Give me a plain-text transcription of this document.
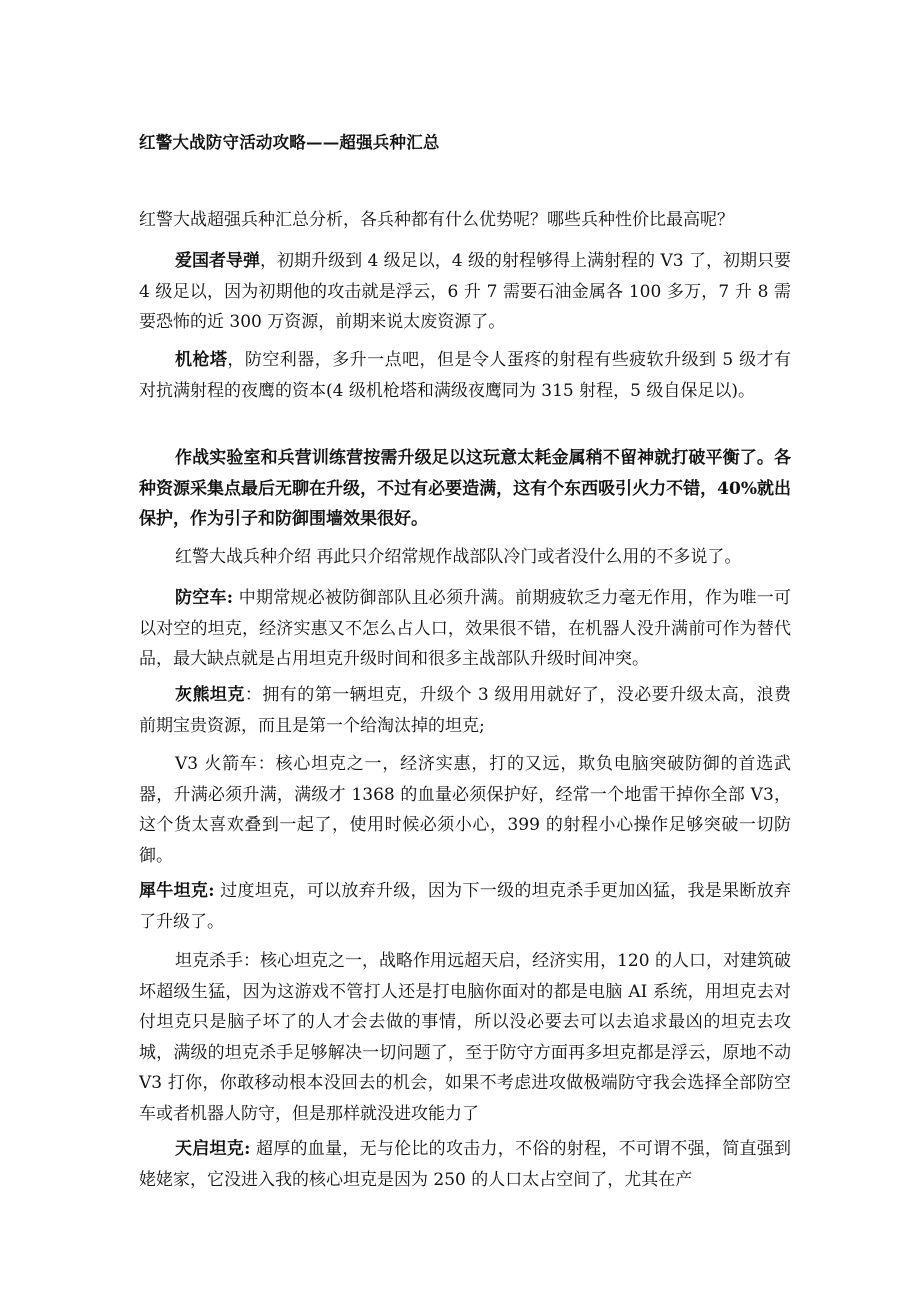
红警大战防守活动攻略——超强兵种汇总
红警大战超强兵种汇总分析，各兵种都有什么优势呢？哪些兵种性价比最高呢？
爱国者导弹，初期升级到 4 级足以，4 级的射程够得上满射程的 V3 了，初期只要 4 级足以，因为初期他的攻击就是浮云，6 升 7 需要石油金属各 100 多万，7 升 8 需要恐怖的近 300 万资源，前期来说太废资源了。
机枪塔，防空利器，多升一点吧，但是令人蛋疼的射程有些疲软升级到 5 级才有对抗满射程的夜鹰的资本(4 级机枪塔和满级夜鹰同为 315 射程，5 级自保足以)。
作战实验室和兵营训练营按需升级足以这玩意太耗金属稍不留神就打破平衡了。各种资源采集点最后无聊在升级，不过有必要造满，这有个东西吸引火力不错，40%就出保护，作为引子和防御围墙效果很好。
红警大战兵种介绍 再此只介绍常规作战部队冷门或者没什么用的不多说了。
防空车: 中期常规必被防御部队且必须升满。前期疲软乏力毫无作用，作为唯一可以对空的坦克，经济实惠又不怎么占人口，效果很不错，在机器人没升满前可作为替代品，最大缺点就是占用坦克升级时间和很多主战部队升级时间冲突。
灰熊坦克：拥有的第一辆坦克，升级个 3 级用用就好了，没必要升级太高，浪费前期宝贵资源，而且是第一个给淘汰掉的坦克;
V3 火箭车：核心坦克之一，经济实惠，打的又远，欺负电脑突破防御的首选武器，升满必须升满，满级才 1368 的血量必须保护好，经常一个地雷干掉你全部 V3，这个货太喜欢叠到一起了，使用时候必须小心，399 的射程小心操作足够突破一切防御。
犀牛坦克: 过度坦克，可以放弃升级，因为下一级的坦克杀手更加凶猛，我是果断放弃了升级了。
坦克杀手：核心坦克之一，战略作用远超天启，经济实用，120 的人口，对建筑破坏超级生猛，因为这游戏不管打人还是打电脑你面对的都是电脑 AI 系统，用坦克去对付坦克只是脑子坏了的人才会去做的事情，所以没必要去可以去追求最凶的坦克去攻城，满级的坦克杀手足够解决一切问题了，至于防守方面再多坦克都是浮云，原地不动 V3 打你，你敢移动根本没回去的机会，如果不考虑进攻做极端防守我会选择全部防空车或者机器人防守，但是那样就没进攻能力了
天启坦克: 超厚的血量，无与伦比的攻击力，不俗的射程，不可谓不强，简直强到姥姥家，它没进入我的核心坦克是因为 250 的人口太占空间了，尤其在产
